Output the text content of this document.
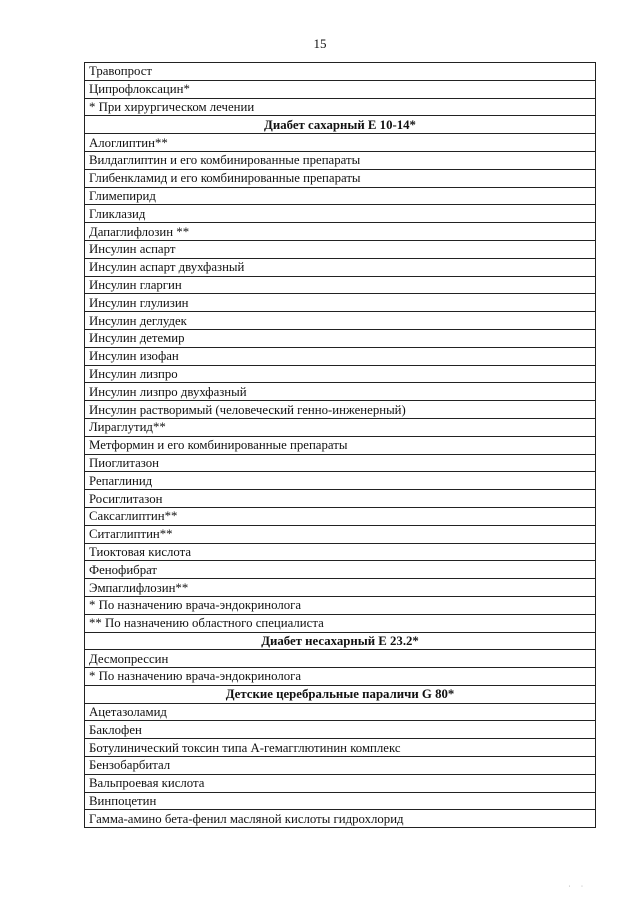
15
Травопрост
Ципрофлоксацин*
* При хирургическом лечении
Диабет сахарный Е 10-14*
Алоглиптин**
Вилдаглиптин и его комбинированные препараты
Глибенкламид и его комбинированные препараты
Глимепирид
Гликлазид
Дапаглифлозин **
Инсулин аспарт
Инсулин аспарт двухфазный
Инсулин гларгин
Инсулин глулизин
Инсулин деглудек
Инсулин детемир
Инсулин изофан
Инсулин лизпро
Инсулин лизпро двухфазный
Инсулин растворимый (человеческий генно-инженерный)
Лираглутид**
Метформин и его комбинированные препараты
Пиоглитазон
Репаглинид
Росиглитазон
Саксаглиптин**
Ситаглиптин**
Тиоктовая кислота
Фенофибрат
Эмпаглифлозин**
* По назначению врача-эндокринолога
** По назначению областного специалиста
Диабет несахарный Е 23.2*
Десмопрессин
* По назначению врача-эндокринолога
Детские церебральные параличи G 80*
Ацетазоламид
Баклофен
Ботулинический токсин типа А-гемагглютинин комплекс
Бензобарбитал
Вальпроевая кислота
Винпоцетин
Гамма-амино бета-фенил масляной кислоты гидрохлорид
˙ ˙
